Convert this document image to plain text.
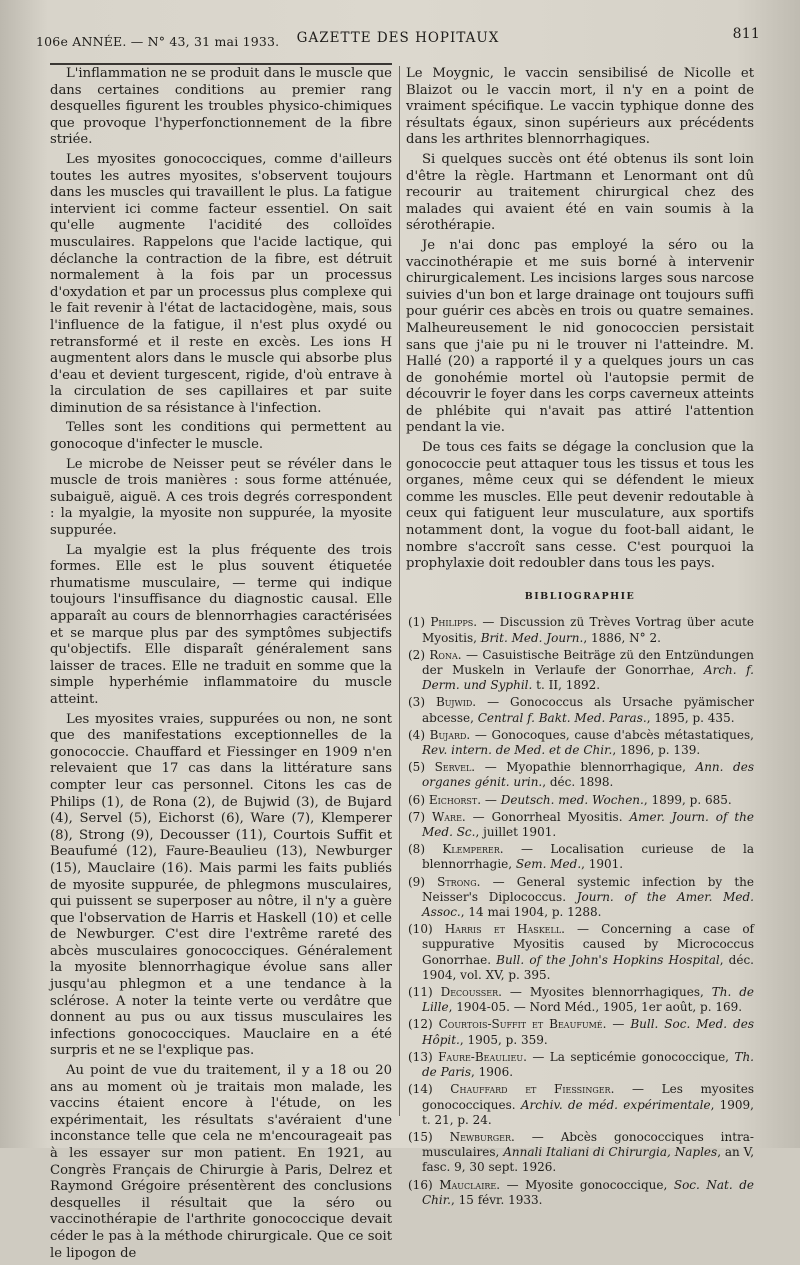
106e ANNÉE. — N° 43, 31 mai 1933.	GAZETTE DES HOPITAUX	811

L'inflammation ne se produit dans le muscle que dans certaines conditions au premier rang desquelles figurent les troubles physico-chimiques que provoque l'hyperfonctionnement de la fibre striée.

Les myosites gonococciques, comme d'ailleurs toutes les autres myosites, s'observent toujours dans les muscles qui travaillent le plus. La fatigue intervient ici comme facteur essentiel. On sait qu'elle augmente l'acidité des colloïdes musculaires. Rappelons que l'acide lactique, qui déclanche la contraction de la fibre, est détruit normalement à la fois par un processus d'oxydation et par un processus plus complexe qui le fait revenir à l'état de lactacidogène, mais, sous l'influence de la fatigue, il n'est plus oxydé ou retransformé et il reste en excès. Les ions H augmentent alors dans le muscle qui absorbe plus d'eau et devient turgescent, rigide, d'où entrave à la circulation de ses capillaires et par suite diminution de sa résistance à l'infection.

Telles sont les conditions qui permettent au gonocoque d'infecter le muscle.

Le microbe de Neisser peut se révéler dans le muscle de trois manières : sous forme atténuée, subaiguë, aiguë. A ces trois degrés correspondent : la myalgie, la myosite non suppurée, la myosite suppurée.

La myalgie est la plus fréquente des trois formes. Elle est le plus souvent étiquetée rhumatisme musculaire, — terme qui indique toujours l'insuffisance du diagnostic causal. Elle apparaît au cours de blennorrhagies caractérisées et se marque plus par des symptômes subjectifs qu'objectifs. Elle disparaît généralement sans laisser de traces. Elle ne traduit en somme que la simple hyperhémie inflammatoire du muscle atteint.

Les myosites vraies, suppurées ou non, ne sont que des manifestations exceptionnelles de la gonococcie. Chauffard et Fiessinger en 1909 n'en relevaient que 17 cas dans la littérature sans compter leur cas personnel. Citons les cas de Philips (1), de Rona (2), de Bujwid (3), de Bujard (4), Servel (5), Eichorst (6), Ware (7), Klemperer (8), Strong (9), Decousser (11), Courtois Suffit et Beaufumé (12), Faure-Beaulieu (13), Newburger (15), Mauclaire (16). Mais parmi les faits publiés de myosite suppurée, de phlegmons musculaires, qui puissent se superposer au nôtre, il n'y a guère que l'observation de Harris et Haskell (10) et celle de Newburger. C'est dire l'extrême rareté des abcès musculaires gonococciques. Généralement la myosite blennorrhagique évolue sans aller jusqu'au phlegmon et a une tendance à la sclérose. A noter la teinte verte ou verdâtre que donnent au pus ou aux tissus musculaires les infections gonococciques. Mauclaire en a été surpris et ne se l'explique pas.

Au point de vue du traitement, il y a 18 ou 20 ans au moment où je traitais mon malade, les vaccins étaient encore à l'étude, on les expérimentait, les résultats s'avéraient d'une inconstance telle que cela ne m'encourageait pas à les essayer sur mon patient. En 1921, au Congrès Français de Chirurgie à Paris, Delrez et Raymond Grégoire présentèrent des conclusions desquelles il résultait que la séro ou vaccinothérapie de l'arthrite gonococcique devait céder le pas à la méthode chirurgicale. Que ce soit le lipogon de

Le Moygnic, le vaccin sensibilisé de Nicolle et Blaizot ou le vaccin mort, il n'y en a point de vraiment spécifique. Le vaccin typhique donne des résultats égaux, sinon supérieurs aux précédents dans les arthrites blennorrhagiques.

Si quelques succès ont été obtenus ils sont loin d'être la règle. Hartmann et Lenormant ont dû recourir au traitement chirurgical chez des malades qui avaient été en vain soumis à la sérothérapie.

Je n'ai donc pas employé la séro ou la vaccinothérapie et me suis borné à intervenir chirurgicalement. Les incisions larges sous narcose suivies d'un bon et large drainage ont toujours suffi pour guérir ces abcès en trois ou quatre semaines. Malheureusement le nid gonococcien persistait sans que j'aie pu ni le trouver ni l'atteindre. M. Hallé (20) a rapporté il y a quelques jours un cas de gonohémie mortel où l'autopsie permit de découvrir le foyer dans les corps caverneux atteints de phlébite qui n'avait pas attiré l'attention pendant la vie.

De tous ces faits se dégage la conclusion que la gonococcie peut attaquer tous les tissus et tous les organes, même ceux qui se défendent le mieux comme les muscles. Elle peut devenir redoutable à ceux qui fatiguent leur musculature, aux sportifs notamment dont, la vogue du foot-ball aidant, le nombre s'accroît sans cesse. C'est pourquoi la prophylaxie doit redoubler dans tous les pays.

BIBLIOGRAPHIE

(1) Philipps. — Discussion zü Trèves Vortrag über acute Myositis, Brit. Med. Journ., 1886, N° 2.

(2) Rona. — Casuistische Beiträge zü den Entzündungen der Muskeln in Verlaufe der Gonorrhae, Arch. f. Derm. und Syphil. t. II, 1892.

(3) Bujwid. — Gonococcus als Ursache pyämischer abcesse, Central f. Bakt. Med. Paras., 1895, p. 435.

(4) Bujard. — Gonocoques, cause d'abcès métastatiques, Rev. intern. de Med. et de Chir., 1896, p. 139.

(5) Servel. — Myopathie blennorrhagique, Ann. des organes génit. urin., déc. 1898.

(6) Eichorst. — Deutsch. med. Wochen., 1899, p. 685.

(7) Ware. — Gonorrheal Myositis. Amer. Journ. of the Med. Sc., juillet 1901.

(8) Klemperer. — Localisation curieuse de la blennorrhagie, Sem. Med., 1901.

(9) Strong. — General systemic infection by the Neisser's Diplococcus. Journ. of the Amer. Med. Assoc., 14 mai 1904, p. 1288.

(10) Harris et Haskell. — Concerning a case of suppurative Myositis caused by Micrococcus Gonorrhae. Bull. of the John's Hopkins Hospital, déc. 1904, vol. XV, p. 395.

(11) Decousser. — Myosites blennorrhagiques, Th. de Lille, 1904-05. — Nord Méd., 1905, 1er août, p. 169.

(12) Courtois-Suffit et Beaufumé. — Bull. Soc. Med. des Hôpit., 1905, p. 359.

(13) Faure-Beaulieu. — La septicémie gonococcique, Th. de Paris, 1906.

(14) Chauffard et Fiessinger. — Les myosites gonococciques. Archiv. de méd. expérimentale, 1909, t. 21, p. 24.

(15) Newburger. — Abcès gonococciques intra-musculaires, Annali Italiani di Chirurgia, Naples, an V, fasc. 9, 30 sept. 1926.

(16) Mauclaire. — Myosite gonococcique, Soc. Nat. de Chir., 15 févr. 1933.
